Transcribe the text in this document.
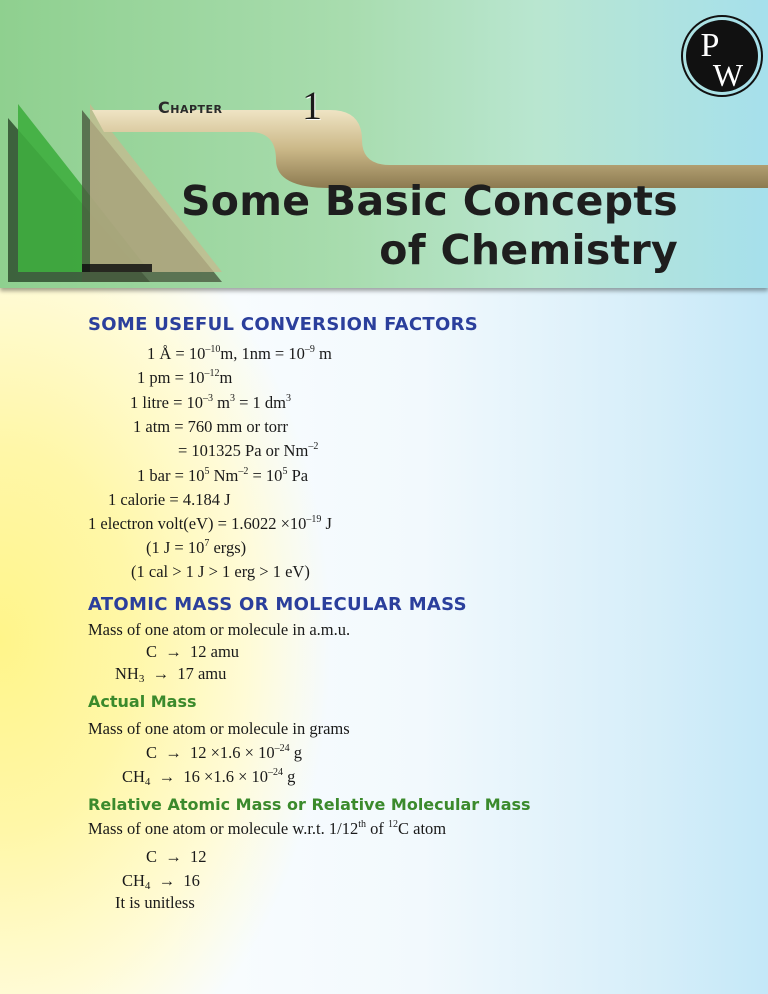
Chapter 1
Some Basic Concepts
of Chemistry
P
W
SOME USEFUL CONVERSION FACTORS
ATOMIC MASS OR MOLECULAR MASS
Actual Mass
Relative Atomic Mass or Relative Molecular Mass
1 Å = $10^{-10}m$, $1nm = 10^{-9}$ m
1 pm = $10^{-12}m$
1 litre = $10^{-3}$ $m^3 = 1$ $dm^3$
1 atm = 760 mm or torr
= 101325 Pa or $Nm^{-2}$
1 bar = $10^5$ $Nm^{-2} = 10^5$ Pa
1 calorie = 4.184 J
1 electron volt(eV) = $1.6022 \times 10^{-19}$ J
(1 $J = 10^7$ ergs)
(1 cal > 1 J > 1 erg > 1 eV)
Mass of one atom or molecule in a.m.u.
C  →  12 amu
$NH_3 \to 17$ amu
Mass of one atom or molecule in grams
$C \to 12 \times 1.6 \times 10^{-24}$ g
$CH_4 \to 16 \times 1.6 \times 10^{-24}$ g
Mass of one atom or molecule w.r.t. 1/12th of $^{12}$C atom
C  →  12
$CH_4 \to 16$
It is unitless
